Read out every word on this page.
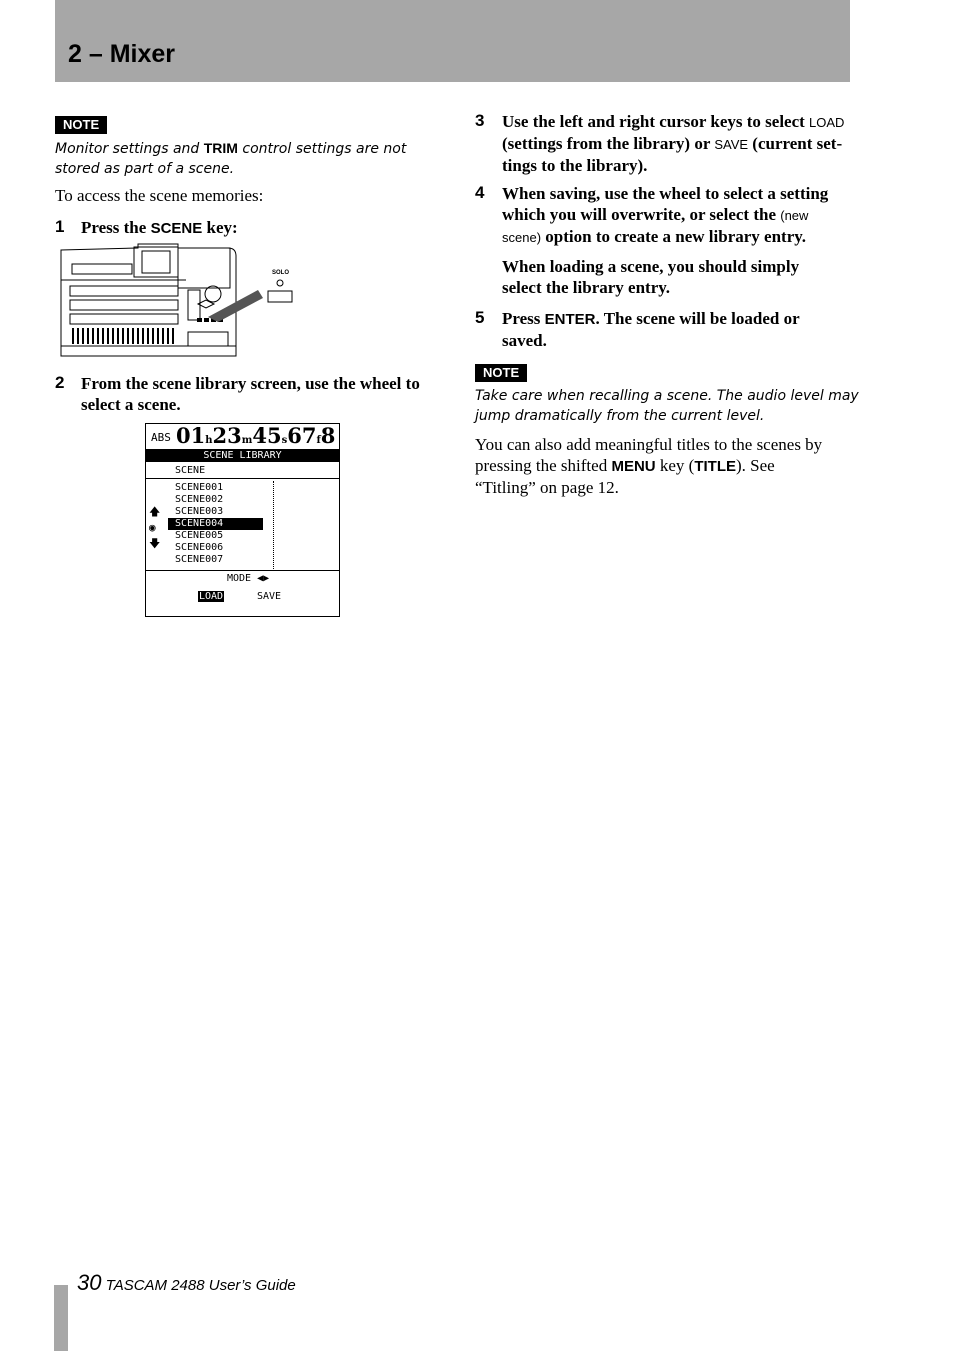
2 – Mixer
NOTE
Monitor settings and TRIM control settings are not
stored as part of a scene.
To access the scene memories:
1 Press the SCENE key:
SOLO
2 From the scene library screen, use the wheel to
select a scene.
ABS 01h23m45s67f8
SCENE LIBRARY
SCENE
🡅
◉
🡇
SCENE001
SCENE002
SCENE003
SCENE004
SCENE005
SCENE006
SCENE007
MODE ◀▶
LOAD	SAVE
3 Use the left and right cursor keys to select LOAD
(settings from the library) or SAVE (current set-
tings to the library).
4 When saving, use the wheel to select a setting
which you will overwrite, or select the (new
scene) option to create a new library entry.
When loading a scene, you should simply
select the library entry.
5 Press ENTER. The scene will be loaded or
saved.
NOTE
Take care when recalling a scene. The audio level may
jump dramatically from the current level.
You can also add meaningful titles to the scenes by
pressing the shifted MENU key (TITLE). See
“Titling” on page 12.
30 TASCAM 2488 User’s Guide
